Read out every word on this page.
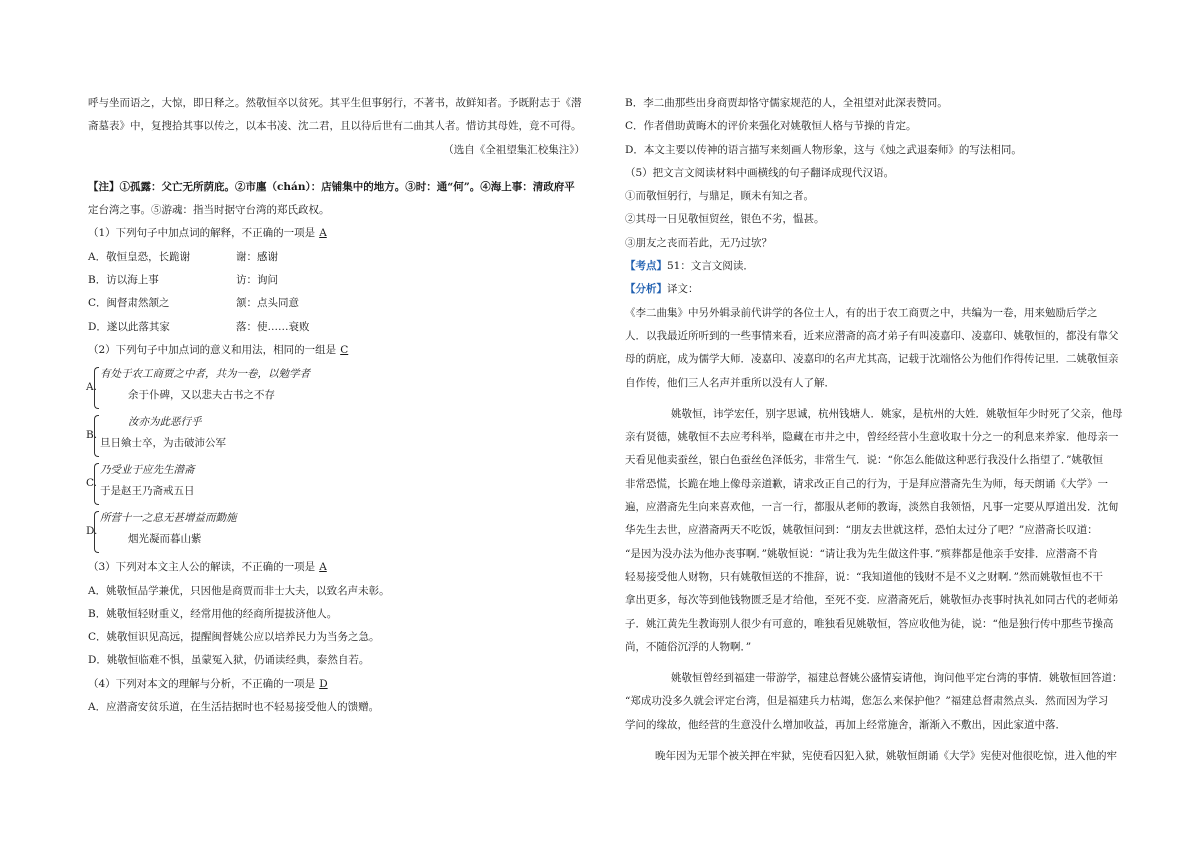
呼与坐而语之，大惊，即日释之。然敬恒卒以贫死。其平生但事躬行，不著书，故鲜知者。予既附志于《潜
斋墓表》中，复搜拾其事以传之，以本书凌、沈二君，且以待后世有二曲其人者。惜访其母姓，竟不可得。
（选自《全祖望集汇校集注》）
【注】①孤露：父亡无所荫庇。②市廛（chán）：店铺集中的地方。③时：通“何”。④海上事：清政府平
定台湾之事。⑤游魂：指当时据守台湾的郑氏政权。
（1）下列句子中加点词的解释，不正确的一项是 A
A．敬恒皇恐，长跪谢	谢：感谢
B．访以海上事	访：询问
C．闽督肃然颔之	颔：点头同意
D．遂以此落其家	落：使……衰败
（2）下列句子中加点词的意义和用法，相同的一组是 C
A.
有处于农工商贾之中者，共为一卷，以勉学者
余于仆碑，又以悲夫古书之不存
B.
汝亦为此恶行乎
旦日飨士卒，为击破沛公军
C.
乃受业于应先生潜斋
于是赵王乃斋戒五日
D.
所营十一之息无甚增益而勤施
烟光凝而暮山紫
（3）下列对本文主人公的解读，不正确的一项是 A
A．姚敬恒品学兼优，只因他是商贾而非士大夫，以致名声未彰。
B．姚敬恒轻财重义，经常用他的经商所提拔济他人。
C．姚敬恒识见高远，提醒闽督姚公应以培养民力为当务之急。
D．姚敬恒临难不惧，虽蒙冤入狱，仍诵读经典，泰然自若。
（4）下列对本文的理解与分析，不正确的一项是 D
A．应潜斋安贫乐道，在生活拮据时也不轻易接受他人的馈赠。
B．李二曲那些出身商贾却恪守儒家规范的人，全祖望对此深表赞同。
C．作者借助黄晦木的评价来强化对姚敬恒人格与节操的肯定。
D．本文主要以传神的语言描写来刻画人物形象，这与《烛之武退秦师》的写法相同。
（5）把文言文阅读材料中画横线的句子翻译成现代汉语。
①而敬恒躬行，与鼎足，顾未有知之者。
②其母一日见敬恒贸丝，银色不劣，愠甚。
③朋友之丧而若此，无乃过欤？
【考点】51：文言文阅读．
【分析】译文：
《李二曲集》中另外辑录前代讲学的各位士人，有的出于农工商贾之中，共编为一卷，用来勉励后学之
人．以我最近所听到的一些事情来看，近来应潜斋的高才弟子有叫凌嘉印、凌嘉印、姚敬恒的，都没有靠父
母的荫庇，成为儒学大师．凌嘉印、凌嘉印的名声尤其高，记载于沈端恪公为他们作得传记里．二姚敬恒亲
自作传，他们三人名声并重所以没有人了解．
姚敬恒，讳学宏任，别字思诚，杭州钱塘人．姚家，是杭州的大姓．姚敬恒年少时死了父亲，他母
亲有贤德，姚敬恒不去应考科举，隐藏在市井之中，曾经经营小生意收取十分之一的利息来养家．他母亲一
天看见他卖蚕丝，银白色蚕丝色泽低劣，非常生气．说：“你怎么能做这种恶行我没什么指望了．”姚敬恒
非常恐慌，长跪在地上像母亲道歉，请求改正自己的行为，于是拜应潜斋先生为师，每天朗诵《大学》一
遍，应潜斋先生向来喜欢他，一言一行，都服从老师的教诲，淡然自我领悟，凡事一定要从厚道出发．沈甸
华先生去世，应潜斋两天不吃饭，姚敬恒问到：“朋友去世就这样，恐怕太过分了吧？”应潜斋长叹道：
“是因为没办法为他办丧事啊．”姚敬恒说：“请让我为先生做这件事．”殡葬都是他亲手安排．应潜斋不肯
轻易接受他人财物，只有姚敬恒送的不推辞，说：“我知道他的钱财不是不义之财啊．”然而姚敬恒也不干
拿出更多，每次等到他钱物匮乏是才给他，至死不变．应潜斋死后，姚敬恒办丧事时执礼如同古代的老师弟
子．姚江黄先生教诲别人很少有可意的，唯独看见姚敬恒，答应收他为徒，说：“他是独行传中那些节操高
尚，不随俗沉浮的人物啊．”
姚敬恒曾经到福建一带游学，福建总督姚公盛情妄请他，询问他平定台湾的事情．姚敬恒回答道：
“郑成功没多久就会评定台湾，但是福建兵力枯竭，您怎么来保护他？”福建总督肃然点头．然而因为学习
学问的缘故，他经营的生意没什么增加收益，再加上经常施舍，渐渐入不敷出，因此家道中落．
晚年因为无罪个被关押在牢狱，宪使看囚犯入狱，姚敬恒朗诵《大学》宪使对他很吃惊，进入他的牢
